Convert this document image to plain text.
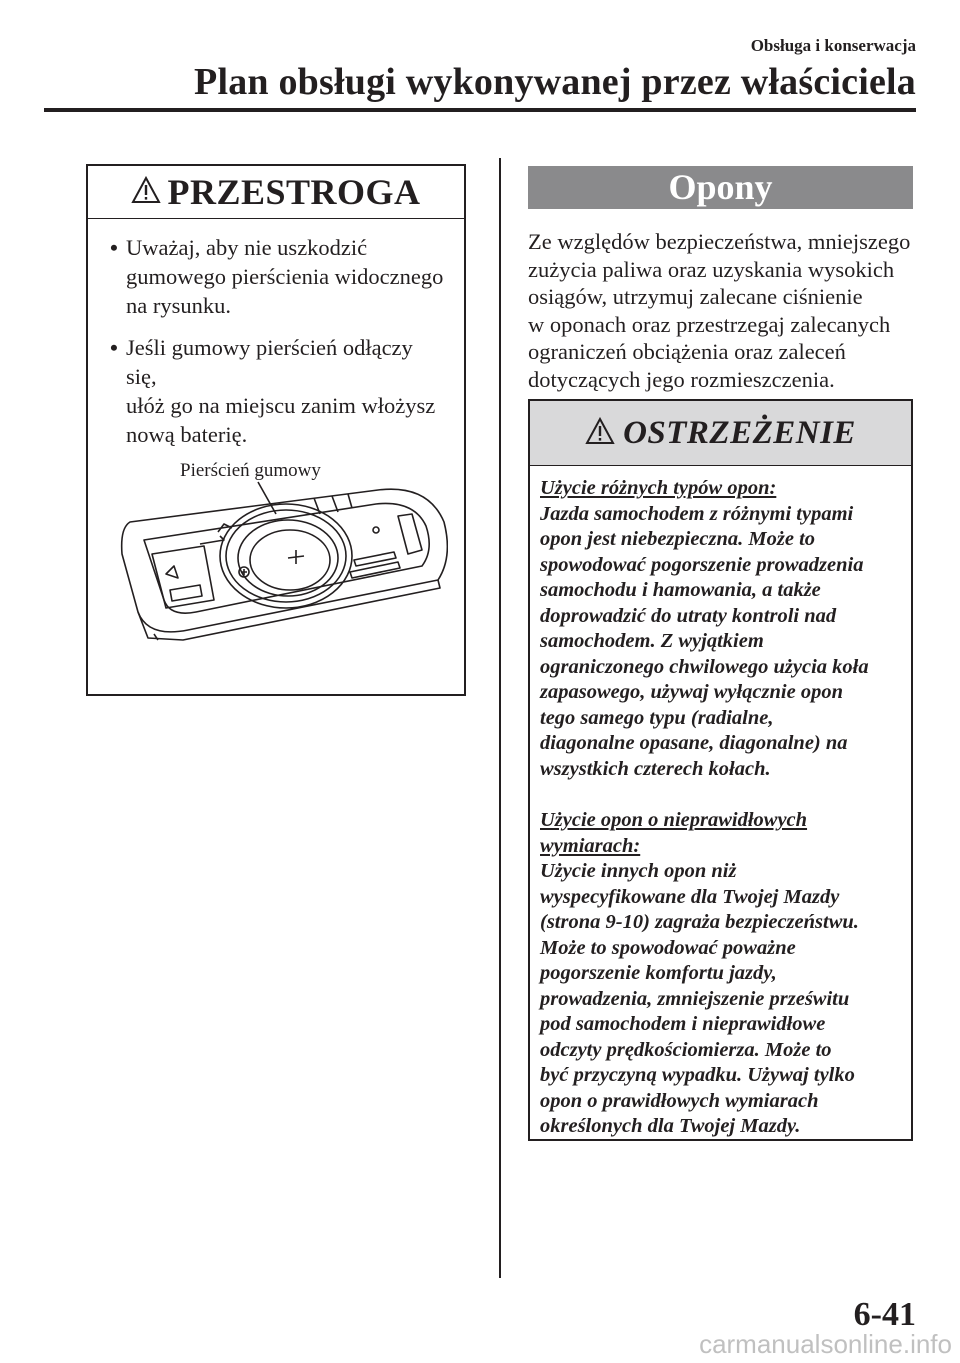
Obsługa i konserwacja
Plan obsługi wykonywanej przez właściciela
PRZESTROGA
• Uważaj, aby nie uszkodzić
gumowego pierścienia widocznego
na rysunku.
• Jeśli gumowy pierścień odłączy się,
ułóż go na miejscu zanim włożysz
nową baterię.
Pierścień gumowy
Opony
Ze względów bezpieczeństwa, mniejszego
zużycia paliwa oraz uzyskania wysokich
osiągów, utrzymuj zalecane ciśnienie
w oponach oraz przestrzegaj zalecanych
ograniczeń obciążenia oraz zaleceń
dotyczących jego rozmieszczenia.
OSTRZEŻENIE
Użycie różnych typów opon:
Jazda samochodem z różnymi typami
opon jest niebezpieczna. Może to
spowodować pogorszenie prowadzenia
samochodu i hamowania, a także
doprowadzić do utraty kontroli nad
samochodem. Z wyjątkiem
ograniczonego chwilowego użycia koła
zapasowego, używaj wyłącznie opon
tego samego typu (radialne,
diagonalne opasane, diagonalne) na
wszystkich czterech kołach.
Użycie opon o nieprawidłowych
wymiarach:
Użycie innych opon niż
wyspecyfikowane dla Twojej Mazdy
(strona 9-10) zagraża bezpieczeństwu.
Może to spowodować poważne
pogorszenie komfortu jazdy,
prowadzenia, zmniejszenie prześwitu
pod samochodem i nieprawidłowe
odczyty prędkościomierza. Może to
być przyczyną wypadku. Używaj tylko
opon o prawidłowych wymiarach
określonych dla Twojej Mazdy.
6-41
carmanualsonline.info
